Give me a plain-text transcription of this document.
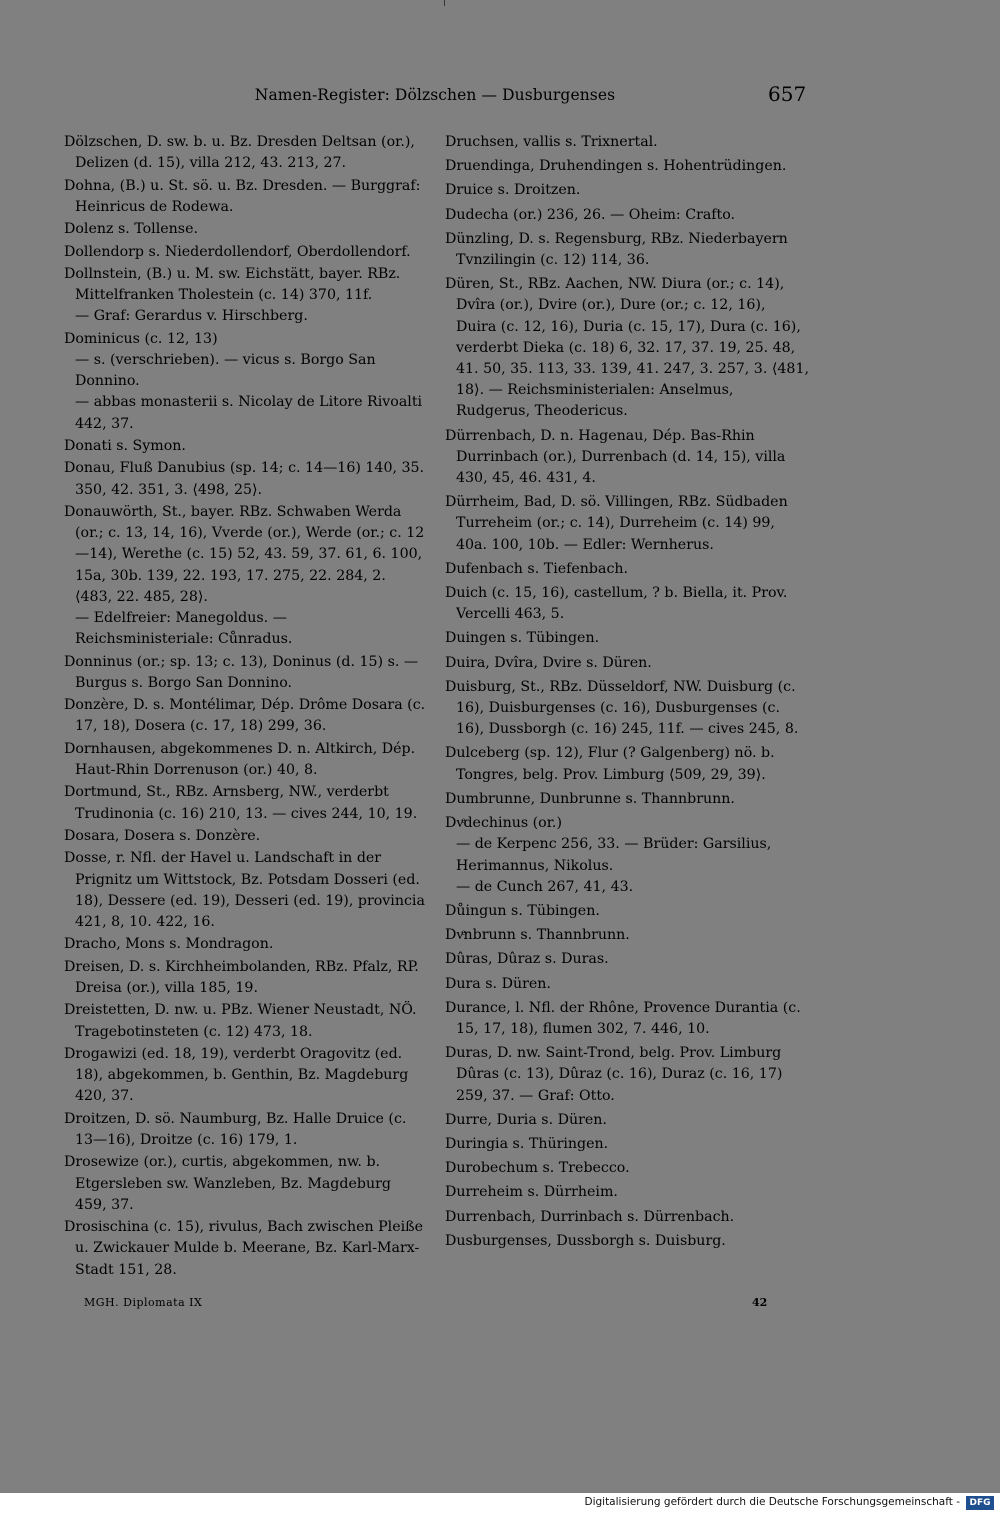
Namen-Register: Dölzschen — Dusburgenses	657

Dölzschen, D. sw. b. u. Bz. Dresden Deltsan (or.), Delizen (d. 15), villa 212, 43. 213, 27.

Dohna, (B.) u. St. sö. u. Bz. Dresden. — Burggraf: Heinricus de Rodewa.

Dolenz s. Tollense.

Dollendorp s. Niederdollendorf, Oberdollendorf.

Dollnstein, (B.) u. M. sw. Eichstätt, bayer. RBz. Mittelfranken Tholestein (c. 14) 370, 11f.
— Graf: Gerardus v. Hirschberg.

Dominicus (c. 12, 13)
— s. (verschrieben). — vicus s. Borgo San Donnino.
— abbas monasterii s. Nicolay de Litore Rivoalti 442, 37.

Donati s. Symon.

Donau, Fluß Danubius (sp. 14; c. 14—16) 140, 35. 350, 42. 351, 3. ⟨498, 25⟩.

Donauwörth, St., bayer. RBz. Schwaben Werda (or.; c. 13, 14, 16), Vverde (or.), Werde (or.; c. 12—14), Werethe (c. 15) 52, 43. 59, 37. 61, 6. 100, 15a, 30b. 139, 22. 193, 17. 275, 22. 284, 2. ⟨483, 22. 485, 28⟩.
— Edelfreier: Manegoldus. — Reichsministeriale: Cůnradus.

Donninus (or.; sp. 13; c. 13), Doninus (d. 15) s. — Burgus s. Borgo San Donnino.

Donzère, D. s. Montélimar, Dép. Drôme Dosara (c. 17, 18), Dosera (c. 17, 18) 299, 36.

Dornhausen, abgekommenes D. n. Altkirch, Dép. Haut-Rhin Dorrenuson (or.) 40, 8.

Dortmund, St., RBz. Arnsberg, NW., verderbt Trudinonia (c. 16) 210, 13. — cives 244, 10, 19.

Dosara, Dosera s. Donzère.

Dosse, r. Nfl. der Havel u. Landschaft in der Prignitz um Wittstock, Bz. Potsdam Dosseri (ed. 18), Dessere (ed. 19), Desseri (ed. 19), provincia 421, 8, 10. 422, 16.

Dracho, Mons s. Mondragon.

Dreisen, D. s. Kirchheimbolanden, RBz. Pfalz, RP. Dreisa (or.), villa 185, 19.

Dreistetten, D. nw. u. PBz. Wiener Neustadt, NÖ. Tragebotinsteten (c. 12) 473, 18.

Drogawizi (ed. 18, 19), verderbt Oragovitz (ed. 18), abgekommen, b. Genthin, Bz. Magdeburg 420, 37.

Droitzen, D. sö. Naumburg, Bz. Halle Druice (c. 13—16), Droitze (c. 16) 179, 1.

Drosewize (or.), curtis, abgekommen, nw. b. Etgersleben sw. Wanzleben, Bz. Magdeburg 459, 37.

Drosischina (c. 15), rivulus, Bach zwischen Pleiße u. Zwickauer Mulde b. Meerane, Bz. Karl-Marx-Stadt 151, 28.

Druchsen, vallis s. Trixnertal.

Druendinga, Druhendingen s. Hohentrüdingen.

Druice s. Droitzen.

Dudecha (or.) 236, 26. — Oheim: Crafto.

Dünzling, D. s. Regensburg, RBz. Niederbayern Tvnzilingin (c. 12) 114, 36.

Düren, St., RBz. Aachen, NW. Diura (or.; c. 14), Dvîra (or.), Dvire (or.), Dure (or.; c. 12, 16), Duira (c. 12, 16), Duria (c. 15, 17), Dura (c. 16), verderbt Dieka (c. 18) 6, 32. 17, 37. 19, 25. 48, 41. 50, 35. 113, 33. 139, 41. 247, 3. 257, 3. ⟨481, 18⟩. — Reichsministerialen: Anselmus, Rudgerus, Theodericus.

Dürrenbach, D. n. Hagenau, Dép. Bas-Rhin Durrinbach (or.), Durrenbach (d. 14, 15), villa 430, 45, 46. 431, 4.

Dürrheim, Bad, D. sö. Villingen, RBz. Südbaden Turreheim (or.; c. 14), Durreheim (c. 14) 99, 40a. 100, 10b. — Edler: Wernherus.

Dufenbach s. Tiefenbach.

Duich (c. 15, 16), castellum, ? b. Biella, it. Prov. Vercelli 463, 5.

Duingen s. Tübingen.

Duira, Dvîra, Dvire s. Düren.

Duisburg, St., RBz. Düsseldorf, NW. Duisburg (c. 16), Duisburgenses (c. 16), Dusburgenses (c. 16), Dussborgh (c. 16) 245, 11f. — cives 245, 8.

Dulceberg (sp. 12), Flur (? Galgenberg) nö. b. Tongres, belg. Prov. Limburg ⟨509, 29, 39⟩.

Dumbrunne, Dunbrunne s. Thannbrunn.

Dvͤdechinus (or.)
— de Kerpenc 256, 33. — Brüder: Garsilius, Herimannus, Nikolus.
— de Cunch 267, 41, 43.

Důingun s. Tübingen.

Dvͤnbrunn s. Thannbrunn.

Dûras, Dûraz s. Duras.

Dura s. Düren.

Durance, l. Nfl. der Rhône, Provence Durantia (c. 15, 17, 18), flumen 302, 7. 446, 10.

Duras, D. nw. Saint-Trond, belg. Prov. Limburg Dûras (c. 13), Dûraz (c. 16), Duraz (c. 16, 17) 259, 37. — Graf: Otto.

Durre, Duria s. Düren.

Duringia s. Thüringen.

Durobechum s. Trebecco.

Durreheim s. Dürrheim.

Durrenbach, Durrinbach s. Dürrenbach.

Dusburgenses, Dussborgh s. Duisburg.

MGH. Diplomata IX	42
Digitalisierung gefördert durch die Deutsche Forschungsgemeinschaft -	DFG
